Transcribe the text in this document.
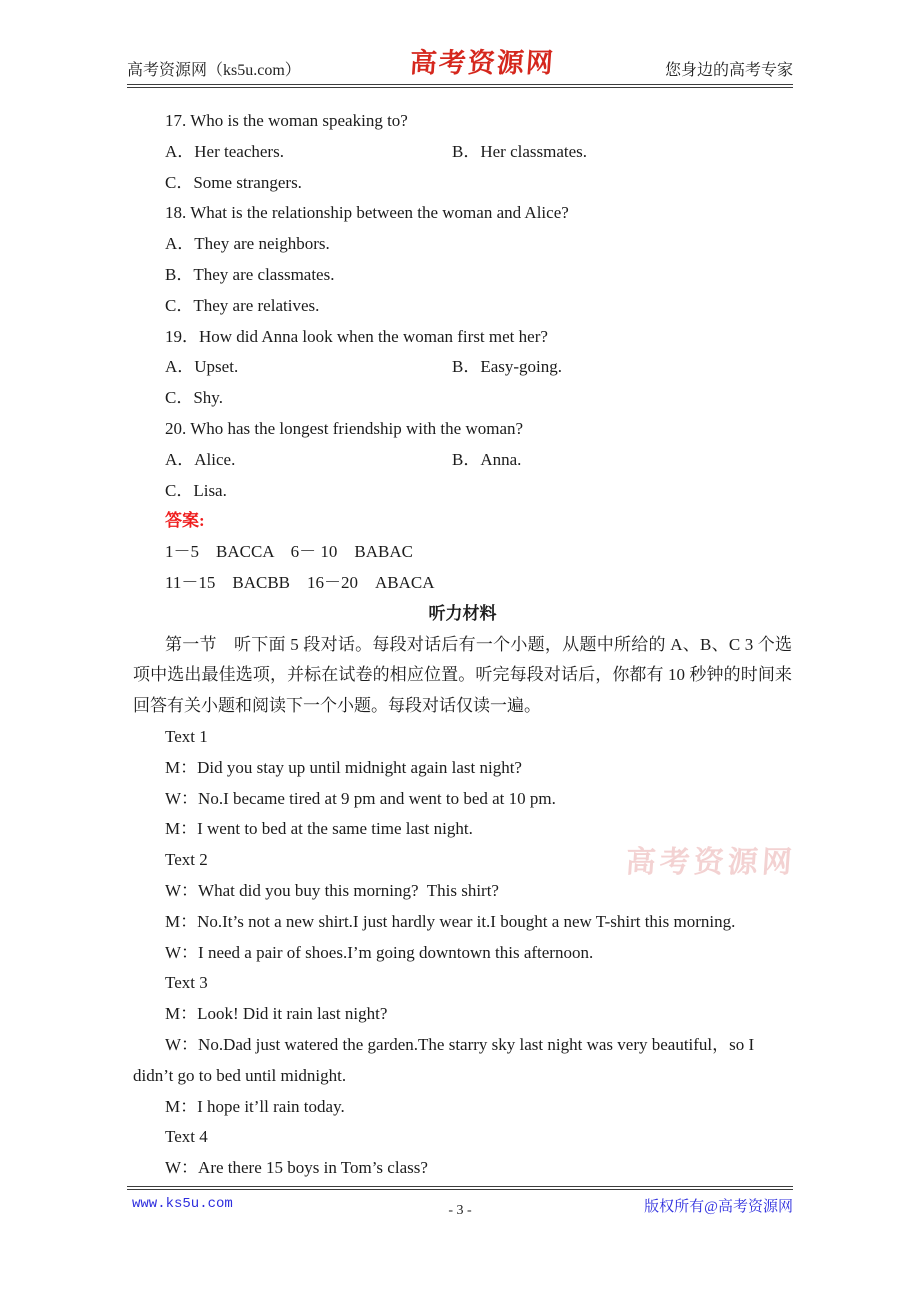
高考资源网（ks5u.com）	高考资源网	您身边的高考专家

17. Who is the woman speaking to?

A．Her teachers.	B．Her classmates.

C．Some strangers.

18. What is the relationship between the woman and Alice?

A．They are neighbors.

B．They are classmates.

C．They are relatives.

19．How did Anna look when the woman first met her?

A．Upset.	B．Easy-going.

C．Shy.

20. Who has the longest friendship with the woman?

A．Alice.	B．Anna.

C．Lisa.

答案:

1－5　BACCA　6－ 10　BABAC

11－15　BACBB　16－20　ABACA

听力材料

第一节　听下面 5 段对话。每段对话后有一个小题，从题中所给的 A、B、C 3 个选项中选出最佳选项，并标在试卷的相应位置。听完每段对话后，你都有 10 秒钟的时间来回答有关小题和阅读下一个小题。每段对话仅读一遍。

Text 1

M：Did you stay up until midnight again last night?

W：No.I became tired at 9 pm and went to bed at 10 pm.

M：I went to bed at the same time last night.

Text 2

W：What did you buy this morning?  This shirt?

M：No.It’s not a new shirt.I just hardly wear it.I bought a new T-shirt this morning.

W：I need a pair of shoes.I’m going downtown this afternoon.

Text 3

M：Look! Did it rain last night?

W：No.Dad just watered the garden.The starry sky last night was very beautiful，so I didn’t go to bed until midnight.

M：I hope it’ll rain today.

Text 4

W：Are there 15 boys in Tom’s class?

高考资源网
www.ks5u.com	- 3 -	版权所有@高考资源网
